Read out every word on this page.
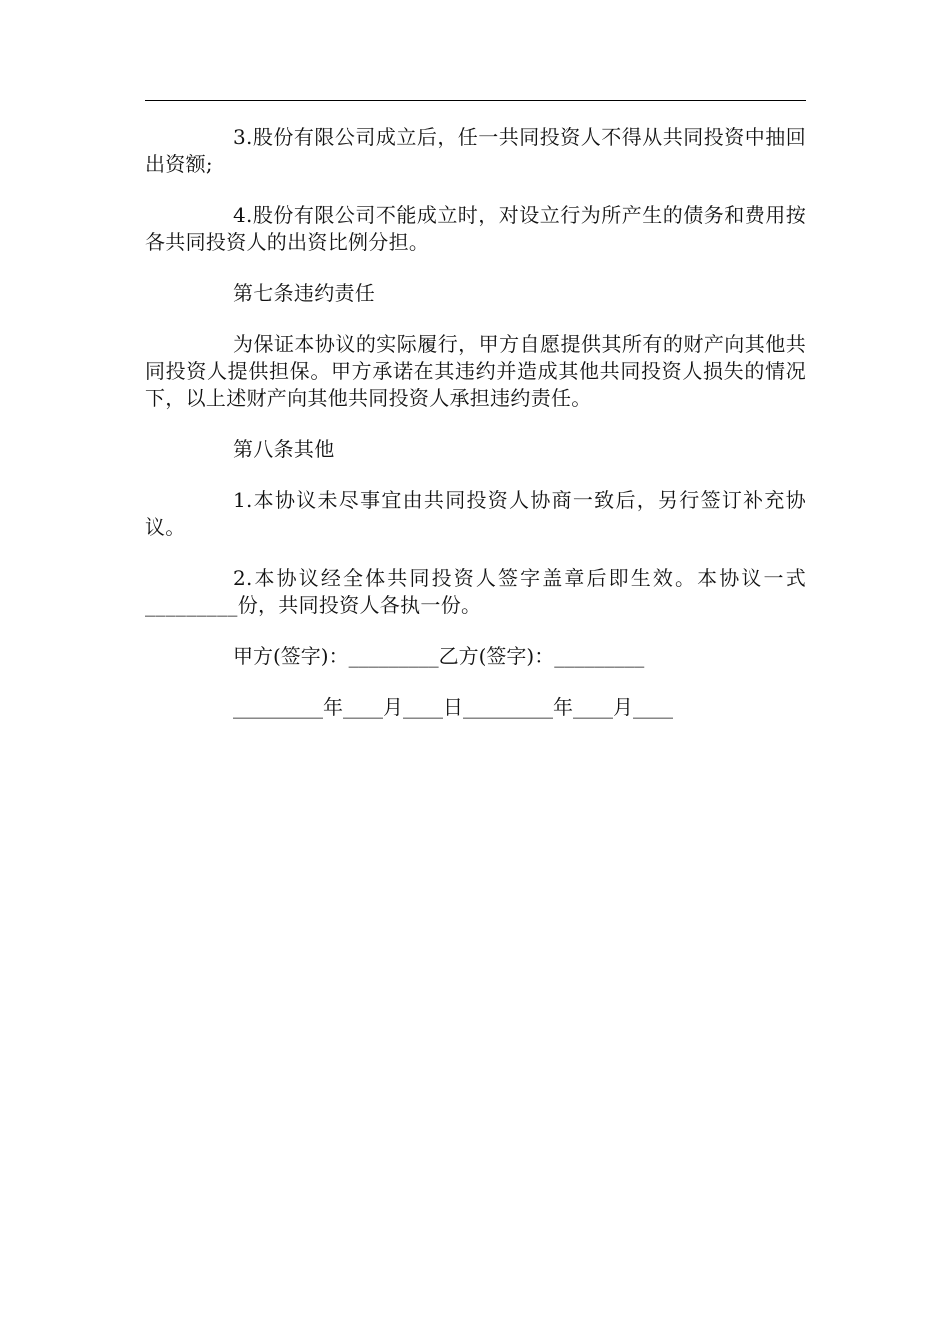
3.股份有限公司成立后，任一共同投资人不得从共同投资中抽回出资额;

4.股份有限公司不能成立时，对设立行为所产生的债务和费用按各共同投资人的出资比例分担。

第七条违约责任

为保证本协议的实际履行，甲方自愿提供其所有的财产向其他共同投资人提供担保。甲方承诺在其违约并造成其他共同投资人损失的情况下，以上述财产向其他共同投资人承担违约责任。

第八条其他

1.本协议未尽事宜由共同投资人协商一致后，另行签订补充协议。

2.本协议经全体共同投资人签字盖章后即生效。本协议一式_________份，共同投资人各执一份。

甲方(签字)：_________乙方(签字)：_________
_________年____月____日_________年____月____
